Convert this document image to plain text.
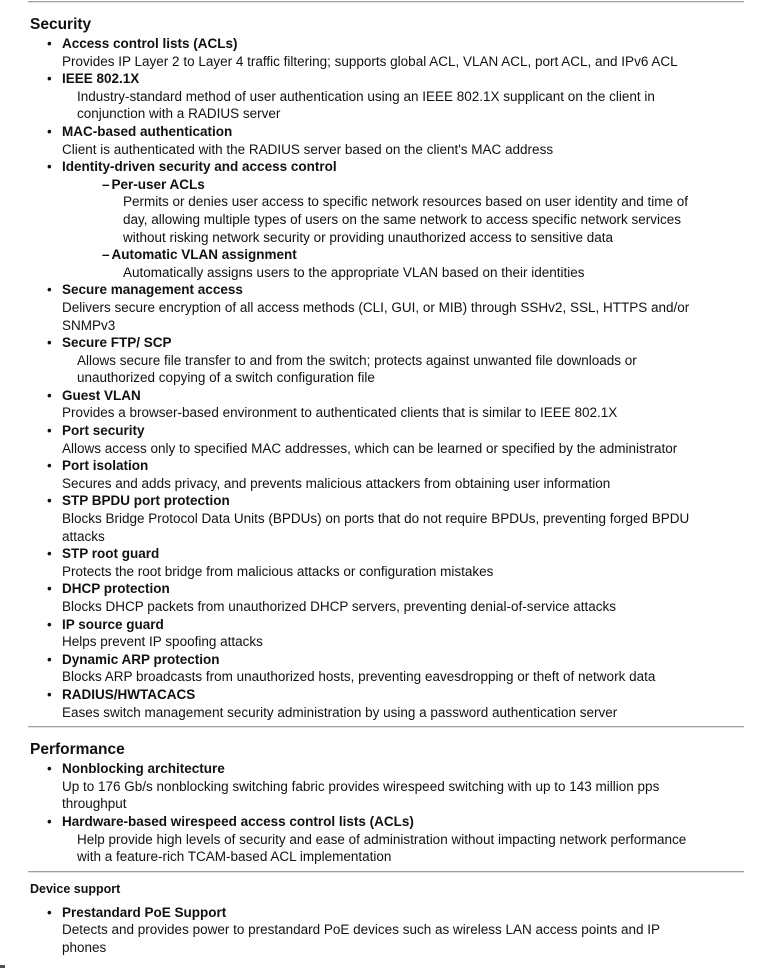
Security
• Access control lists (ACLs)
Provides IP Layer 2 to Layer 4 traffic filtering; supports global ACL, VLAN ACL, port ACL, and IPv6 ACL
• IEEE 802.1X
Industry-standard method of user authentication using an IEEE 802.1X supplicant on the client in
conjunction with a RADIUS server
• MAC-based authentication
Client is authenticated with the RADIUS server based on the client's MAC address
• Identity-driven security and access control
– Per-user ACLs
Permits or denies user access to specific network resources based on user identity and time of
day, allowing multiple types of users on the same network to access specific network services
without risking network security or providing unauthorized access to sensitive data
– Automatic VLAN assignment
Automatically assigns users to the appropriate VLAN based on their identities
• Secure management access
Delivers secure encryption of all access methods (CLI, GUI, or MIB) through SSHv2, SSL, HTTPS and/or
SNMPv3
• Secure FTP/ SCP
Allows secure file transfer to and from the switch; protects against unwanted file downloads or
unauthorized copying of a switch configuration file
• Guest VLAN
Provides a browser-based environment to authenticated clients that is similar to IEEE 802.1X
• Port security
Allows access only to specified MAC addresses, which can be learned or specified by the administrator
• Port isolation
Secures and adds privacy, and prevents malicious attackers from obtaining user information
• STP BPDU port protection
Blocks Bridge Protocol Data Units (BPDUs) on ports that do not require BPDUs, preventing forged BPDU
attacks
• STP root guard
Protects the root bridge from malicious attacks or configuration mistakes
• DHCP protection
Blocks DHCP packets from unauthorized DHCP servers, preventing denial-of-service attacks
• IP source guard
Helps prevent IP spoofing attacks
• Dynamic ARP protection
Blocks ARP broadcasts from unauthorized hosts, preventing eavesdropping or theft of network data
• RADIUS/HWTACACS
Eases switch management security administration by using a password authentication server
Performance
• Nonblocking architecture
Up to 176 Gb/s nonblocking switching fabric provides wirespeed switching with up to 143 million pps
throughput
• Hardware-based wirespeed access control lists (ACLs)
Help provide high levels of security and ease of administration without impacting network performance
with a feature-rich TCAM-based ACL implementation
Device support
• Prestandard PoE Support
Detects and provides power to prestandard PoE devices such as wireless LAN access points and IP
phones
